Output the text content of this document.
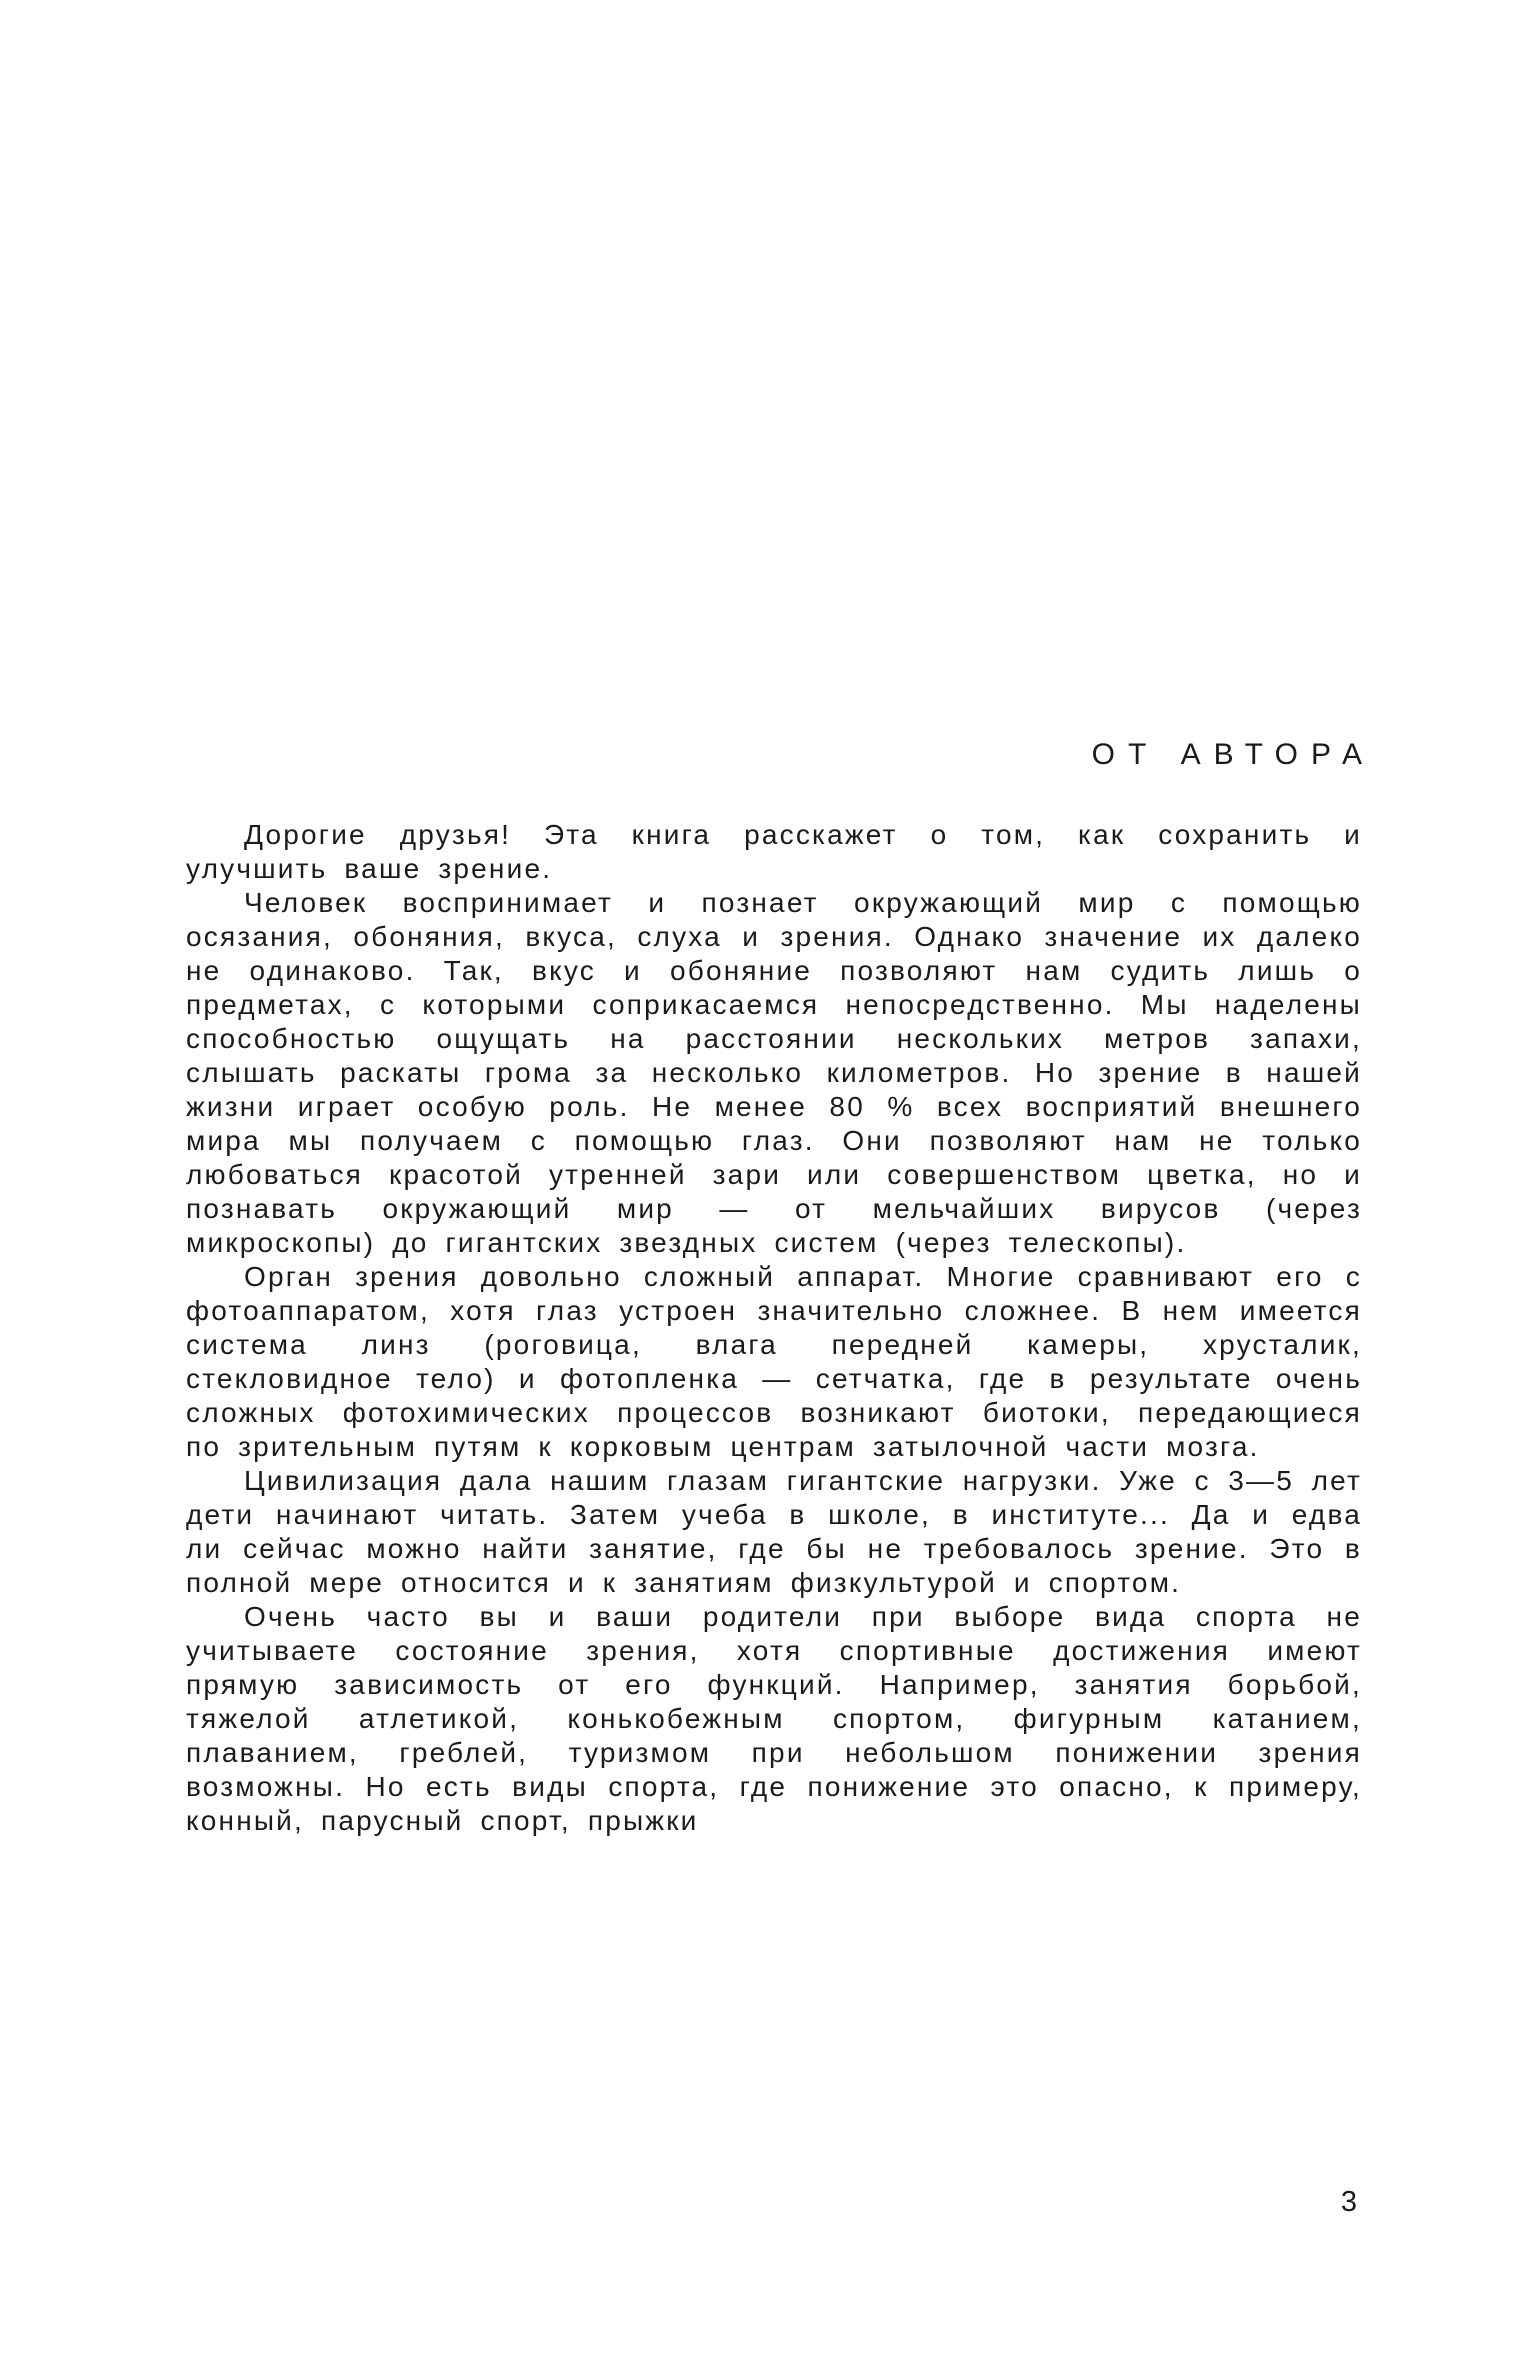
ОТ АВТОРА

Дорогие друзья! Эта книга расскажет о том, как сохранить и улучшить ваше зрение.

Человек воспринимает и познает окружающий мир с помощью осязания, обоняния, вкуса, слуха и зрения. Однако значение их далеко не одинаково. Так, вкус и обоняние позволяют нам судить лишь о предметах, с которыми соприкасаемся непосредственно. Мы наделены способностью ощущать на расстоянии нескольких метров запахи, слышать раскаты грома за несколько километров. Но зрение в нашей жизни играет особую роль. Не менее 80 % всех восприятий внешнего мира мы получаем с помощью глаз. Они позволяют нам не только любоваться красотой утренней зари или совершенством цветка, но и познавать окружающий мир — от мельчайших вирусов (через микроскопы) до гигантских звездных систем (через телескопы).

Орган зрения довольно сложный аппарат. Многие сравнивают его с фотоаппаратом, хотя глаз устроен значительно сложнее. В нем имеется система линз (роговица, влага передней камеры, хрусталик, стекловидное тело) и фотопленка — сетчатка, где в результате очень сложных фотохимических процессов возникают биотоки, передающиеся по зрительным путям к корковым центрам затылочной части мозга.

Цивилизация дала нашим глазам гигантские нагрузки. Уже с 3—5 лет дети начинают читать. Затем учеба в школе, в институте... Да и едва ли сейчас можно найти занятие, где бы не требовалось зрение. Это в полной мере относится и к занятиям физкультурой и спортом.

Очень часто вы и ваши родители при выборе вида спорта не учитываете состояние зрения, хотя спортивные достижения имеют прямую зависимость от его функций. Например, занятия борьбой, тяжелой атлетикой, конькобежным спортом, фигурным катанием, плаванием, греблей, туризмом при небольшом понижении зрения возможны. Но есть виды спорта, где понижение это опасно, к примеру, конный, парусный спорт, прыжки

3
